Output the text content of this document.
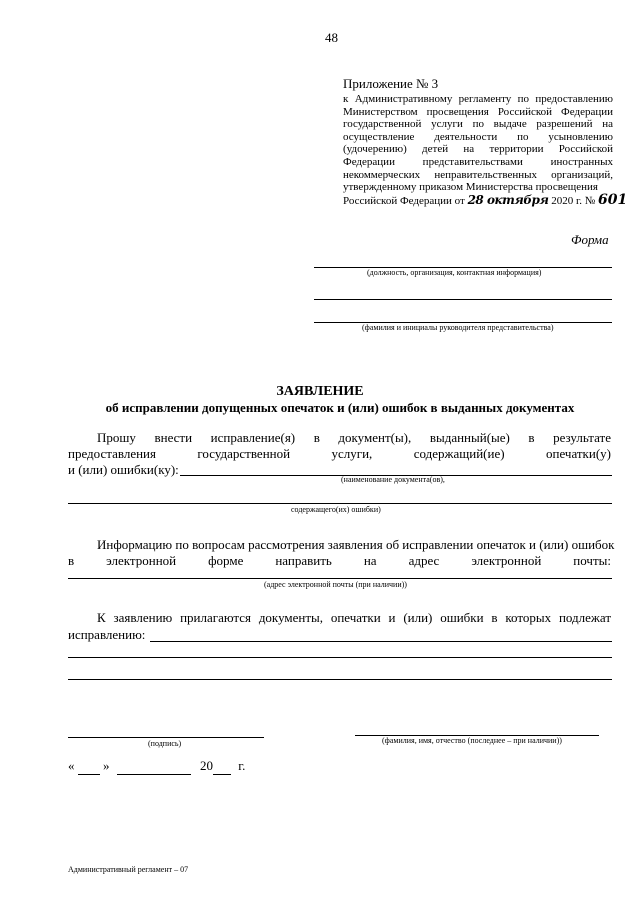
48
Приложение № 3
к Административному регламенту по предоставлению
Министерством просвещения Российской Федерации
государственной услуги по выдаче разрешений на
осуществление деятельности по усыновлению
(удочерению) детей на территории Российской
Федерации представительствами иностранных
некоммерческих неправительственных организаций,
утвержденному приказом Министерства просвещения
Российской Федерации от 28 октября 2020 г. № 601
Форма
(должность, организация, контактная информация)
(фамилия и инициалы руководителя представительства)
ЗАЯВЛЕНИЕ
об исправлении допущенных опечаток и (или) ошибок в выданных документах
Прошу внести исправление(я) в документ(ы), выданный(ые) в результате
предоставления государственной услуги, содержащий(ие) опечатки(у)
и (или) ошибки(ку):
(наименование документа(ов),
содержащего(их) ошибки)
Информацию по вопросам рассмотрения заявления об исправлении опечаток и (или) ошибок
в электронной форме направить на адрес электронной почты:
(адрес электронной почты (при наличии))
К заявлению прилагаются документы, опечатки и (или) ошибки в которых подлежат
исправлению:
(подпись)	(фамилия, имя, отчество (последнее – при наличии))
« »	20 г.
Административный регламент – 07
